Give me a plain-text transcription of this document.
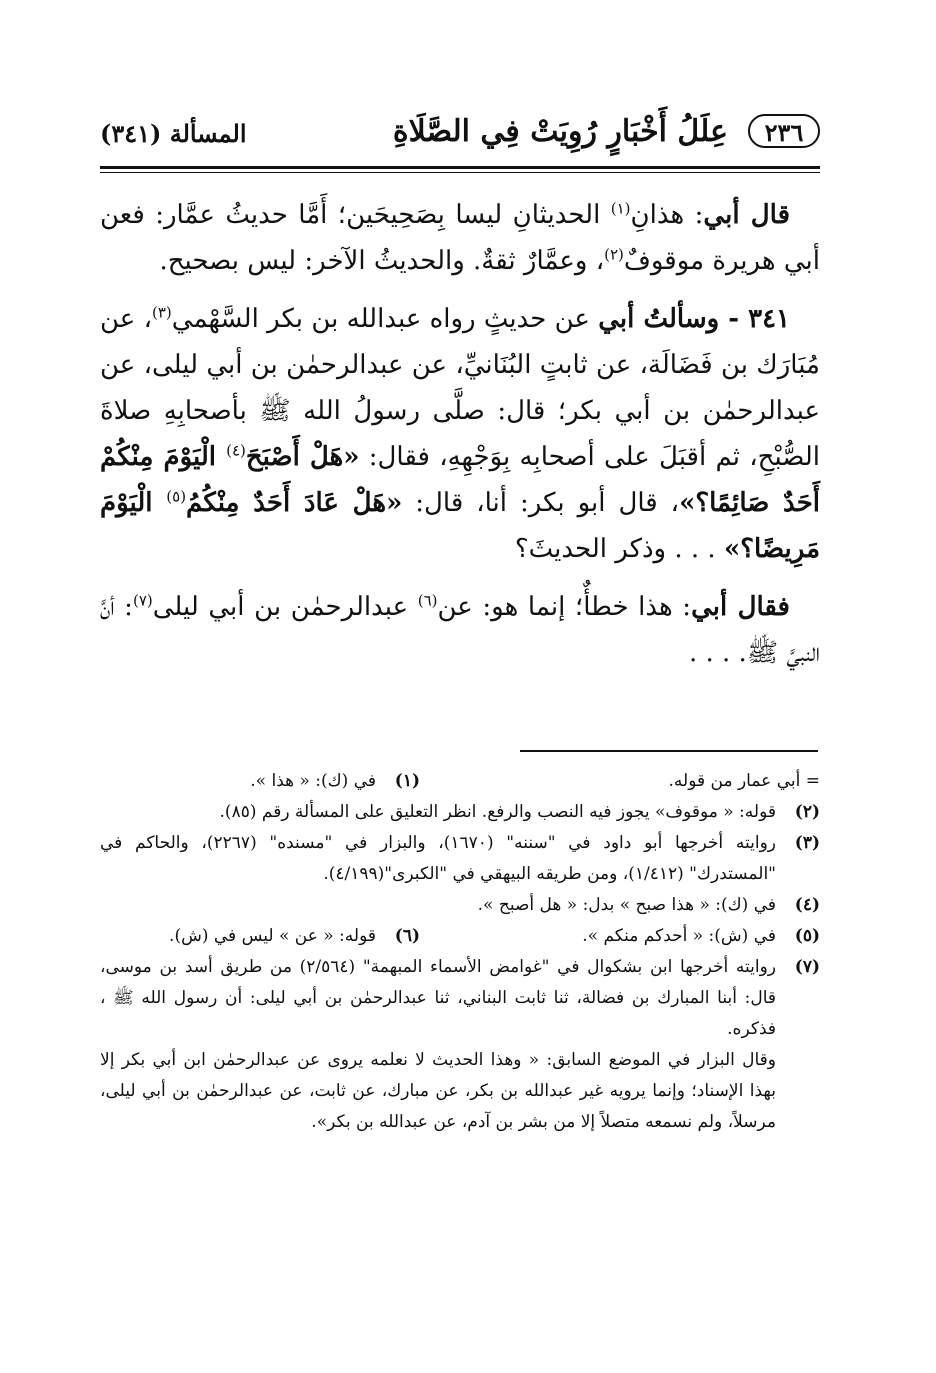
٢٣٦
عِلَلُ أَخْبَارٍ رُوِيَتْ فِي الصَّلَاةِ
المسألة (٣٤١)

قال أبي: هذانِ$^{(١)}$ الحديثانِ ليسا بِصَحِيحَين؛ أَمَّا حديثُ عمَّار: فعن أبي هريرة موقوفٌ$^{(٢)}$، وعمَّارٌ ثقةٌ. والحديثُ الآخر: ليس بصحيح.

٣٤١ - وسألتُ أبي عن حديثٍ رواه عبدالله بن بكر السَّهْمي$^{(٣)}$، عن مُبَارَك بن فَضَالَة، عن ثابتٍ البُنَانيِّ، عن عبدالرحمٰن بن أبي ليلى، عن عبدالرحمٰن بن أبي بكر؛ قال: صلَّى رسولُ الله ﷺ بأصحابِهِ صلاةَ الصُّبْحِ، ثم أقبَلَ على أصحابِه بِوَجْهِهِ، فقال: «هَلْ أَصْبَحَ$^{(٤)}$ الْيَوْمَ مِنْكُمْ أَحَدٌ صَائِمًا؟»، قال أبو بكر: أنا، قال: «هَلْ عَادَ أَحَدٌ مِنْكُمُ$^{(٥)}$ الْيَوْمَ مَرِيضًا؟» . . . وذكر الحديثَ؟

فقال أبي: هذا خطأٌ؛ إنما هو: عن$^{(٦)}$ عبدالرحمٰن بن أبي ليلى$^{(٧)}$: أنَّ النبيَّ ﷺ. . . .

= أبي عمار من قوله.
(١)
في (ك): « هذا ».
(٢)
قوله: « موقوف» يجوز فيه النصب والرفع. انظر التعليق على المسألة رقم (٨٥).
(٣)
روايته أخرجها أبو داود في "سننه" (١٦٧٠)، والبزار في "مسنده" (٢٢٦٧)، والحاكم في "المستدرك" (١/٤١٢)، ومن طريقه البيهقي في "الكبرى"(٤/١٩٩).
(٤)
في (ك): « هذا صبح » بدل: « هل أصبح ».
(٥)
في (ش): « أحدكم منكم ».
(٦)
قوله: « عن » ليس في (ش).
(٧)
روايته أخرجها ابن بشكوال في "غوامض الأسماء المبهمة" (٢/٥٦٤) من طريق أسد بن موسى، قال: أبنا المبارك بن فضالة، ثنا ثابت البناني، ثنا عبدالرحمٰن بن أبي ليلى: أن رسول الله ﷺ ، فذكره.
وقال البزار في الموضع السابق: « وهذا الحديث لا نعلمه يروى عن عبدالرحمٰن ابن أبي بكر إلا بهذا الإسناد؛ وإنما يرويه غير عبدالله بن بكر، عن مبارك، عن ثابت، عن عبدالرحمٰن بن أبي ليلى، مرسلاً، ولم نسمعه متصلاً إلا من بشر بن آدم، عن عبدالله بن بكر».
